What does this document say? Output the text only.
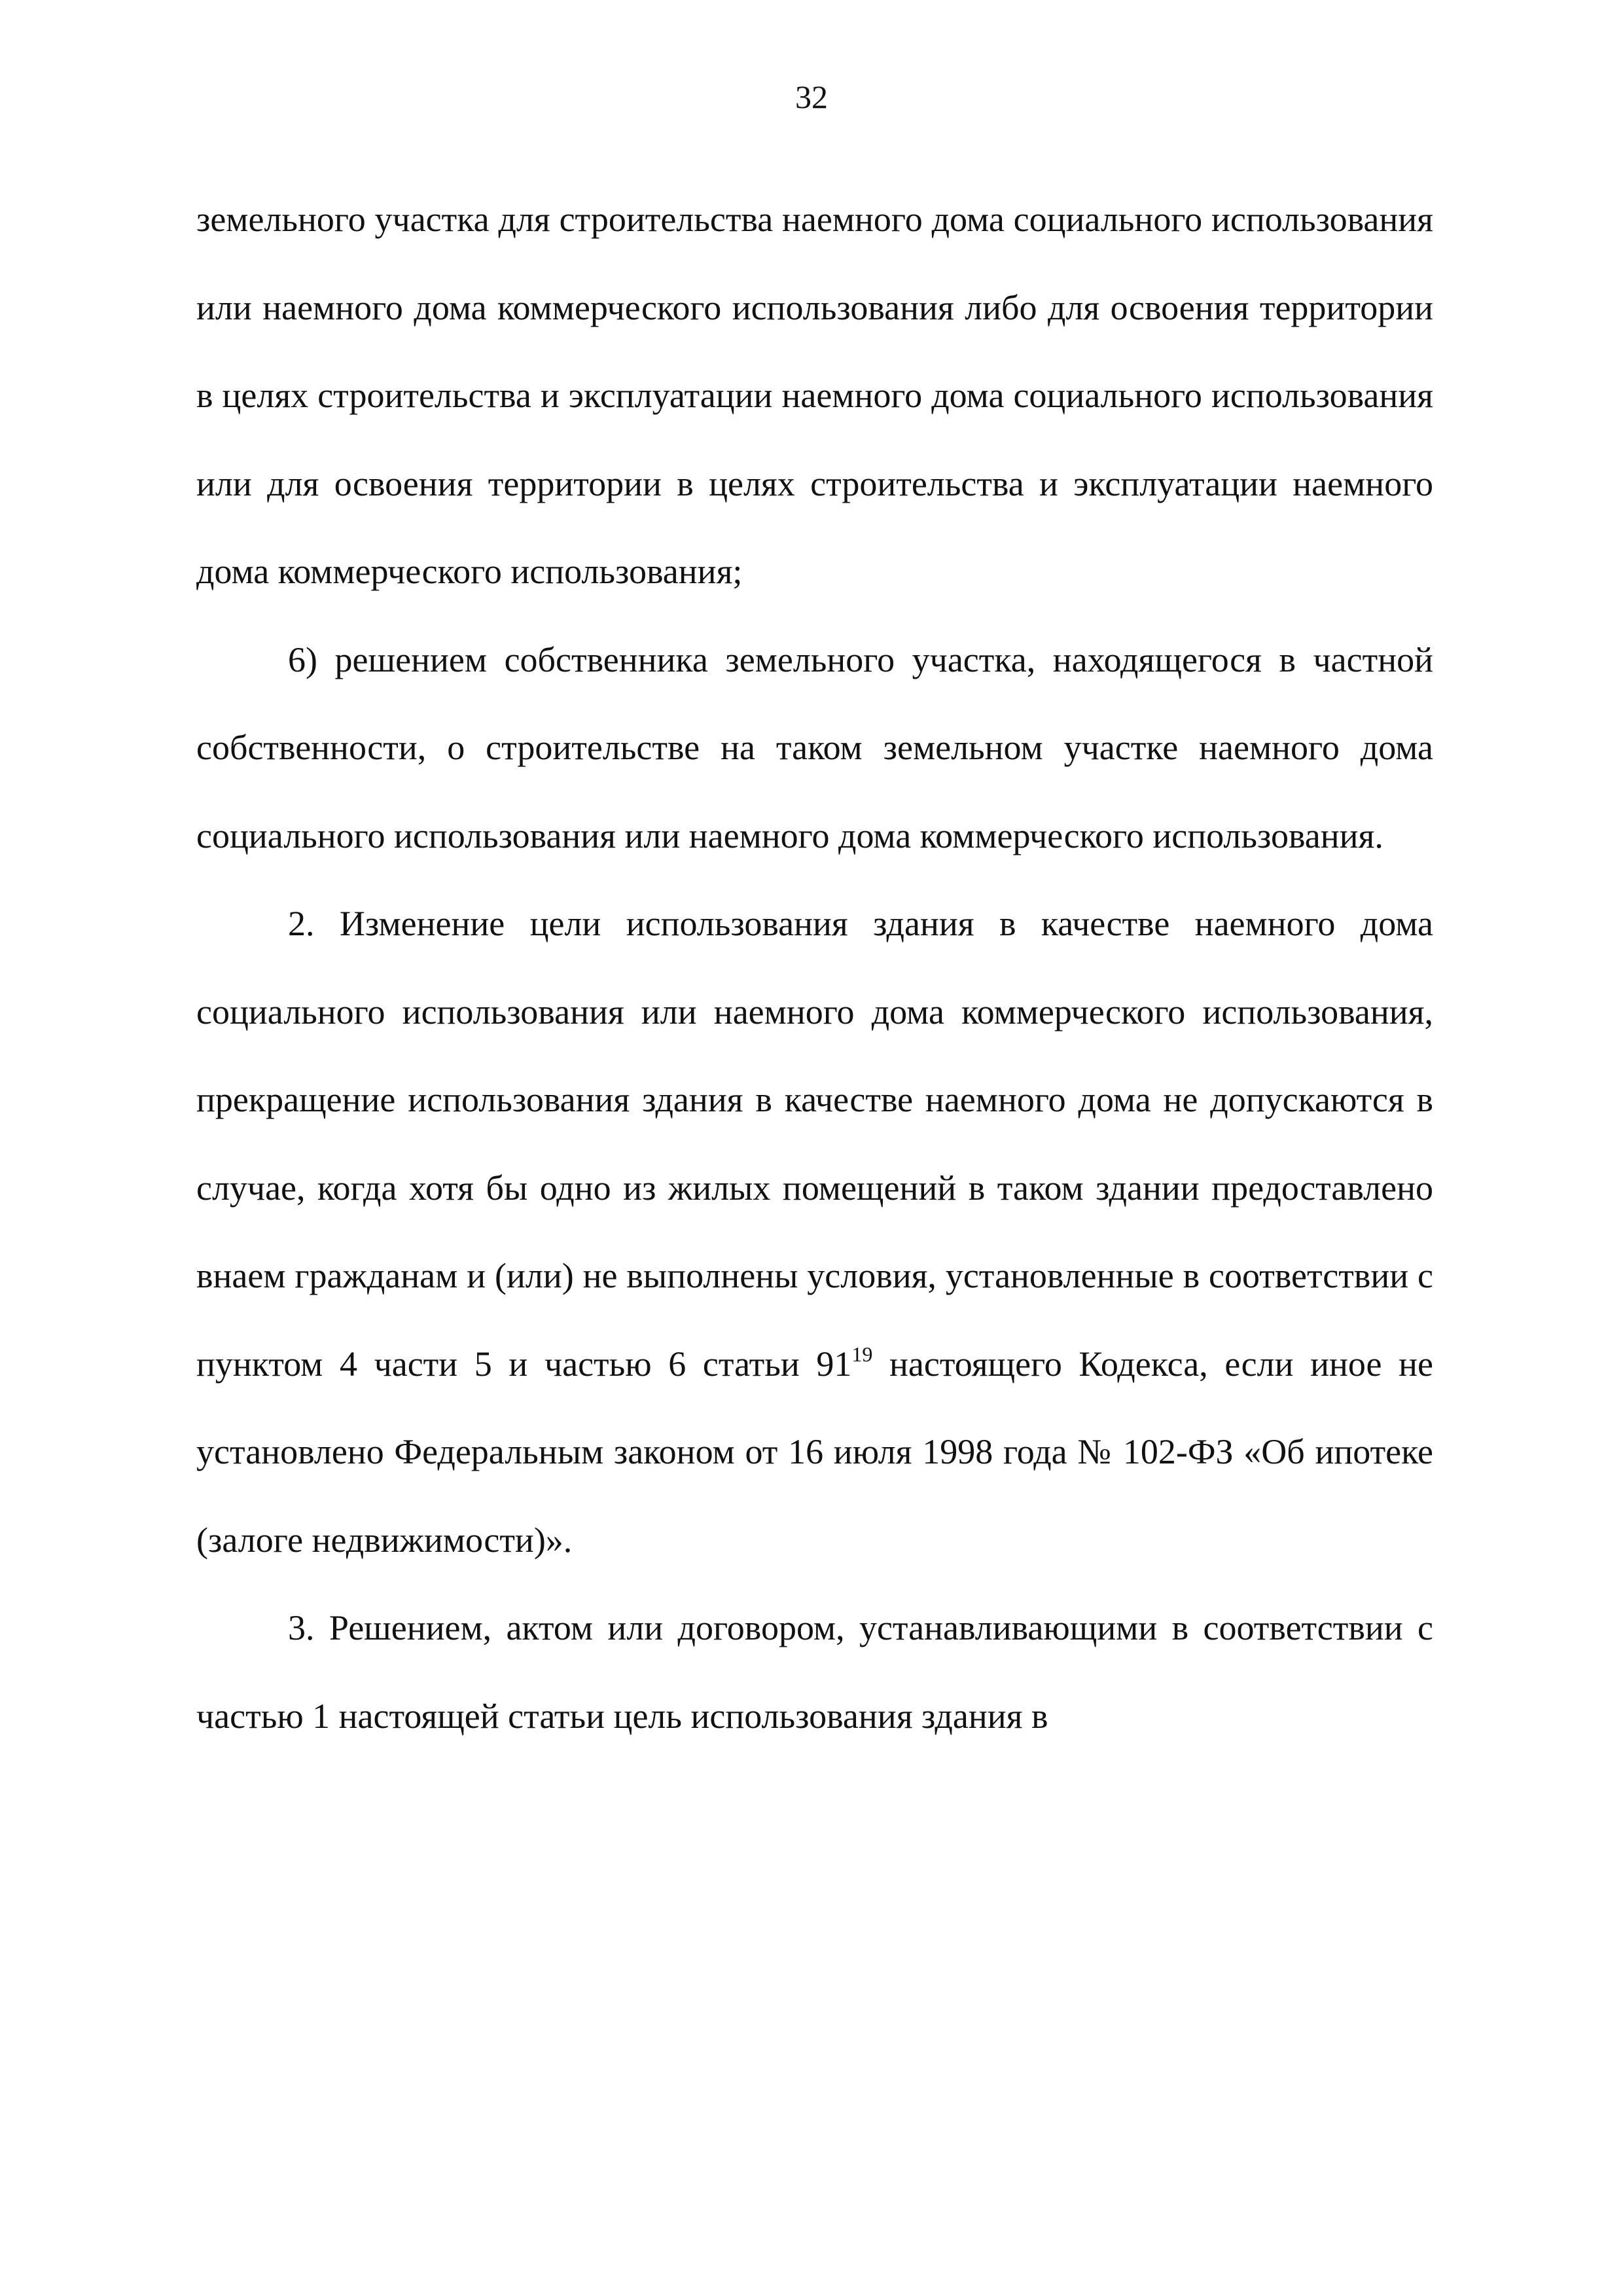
32

земельного участка для строительства наемного дома социального использования или наемного дома коммерческого использования либо для освоения территории в целях строительства и эксплуатации наемного дома социального использования или для освоения территории в целях строительства и эксплуатации наемного дома коммерческого использования;

6) решением собственника земельного участка, находящегося в частной собственности, о строительстве на таком земельном участке наемного дома социального использования или наемного дома коммерческого использования.

2. Изменение цели использования здания в качестве наемного дома социального использования или наемного дома коммерческого использования, прекращение использования здания в качестве наемного дома не допускаются в случае, когда хотя бы одно из жилых помещений в таком здании предоставлено внаем гражданам и (или) не выполнены условия, установленные в соответствии с пунктом 4 части 5 и частью 6 статьи $91^{19}$ настоящего Кодекса, если иное не установлено Федеральным законом от 16 июля 1998 года № 102-ФЗ «Об ипотеке (залоге недвижимости)».

3. Решением, актом или договором, устанавливающими в соответствии с частью 1 настоящей статьи цель использования здания в
